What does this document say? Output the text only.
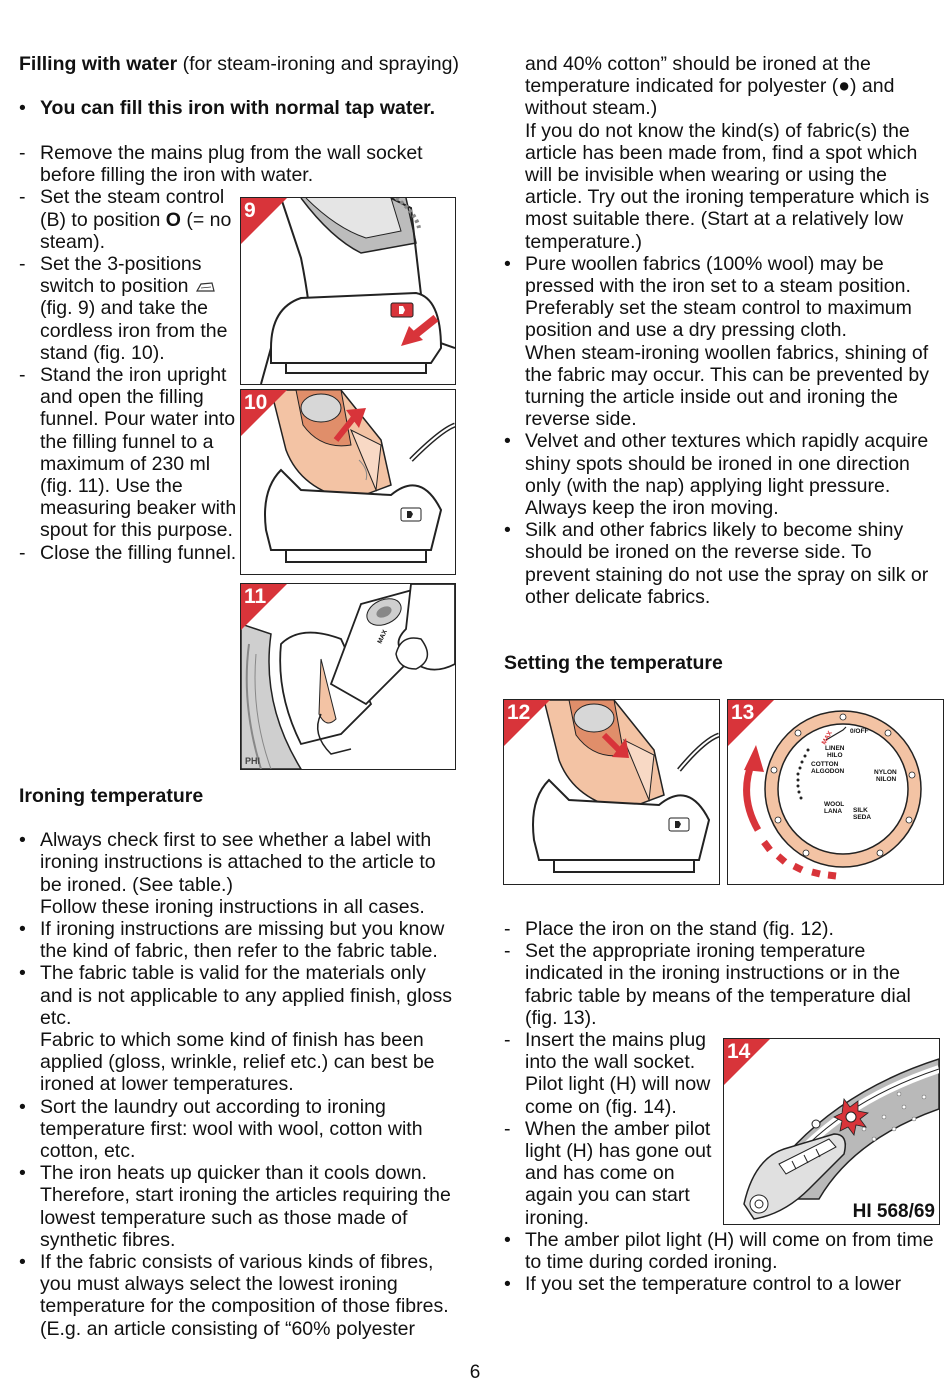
Filling with water (for steam-ironing and spraying)
• You can fill this iron with normal tap water.
- Remove the mains plug from the wall socket before filling the iron with water.
- Set the steam control (B) to position O (= no steam).
- Set the 3-positions switch to position  (fig. 9) and take the cordless iron from the stand (fig. 10).
- Stand the iron upright and open the filling funnel. Pour water into the filling funnel to a maximum of 230 ml (fig. 11). Use the measuring beaker with spout for this purpose.
- Close the filling funnel.
Ironing temperature
• Always check first to see whether a label with ironing instructions is attached to the article to be ironed. (See table.)
Follow these ironing instructions in all cases.
• If ironing instructions are missing but you know the kind of fabric, then refer to the fabric table.
• The fabric table is valid for the materials only and is not applicable to any applied finish, gloss etc.
Fabric to which some kind of finish has been applied (gloss, wrinkle, relief etc.) can best be ironed at lower temperatures.
• Sort the laundry out according to ironing temperature first: wool with wool, cotton with cotton, etc.
• The iron heats up quicker than it cools down. Therefore, start ironing the articles requiring the lowest temperature such as those made of synthetic fibres.
• If the fabric consists of various kinds of fibres, you must always select the lowest ironing temperature for the composition of those fibres. (E.g. an article consisting of “60% polyester
and 40% cotton” should be ironed at the temperature indicated for polyester (●) and without steam.)
If you do not know the kind(s) of fabric(s) the article has been made from, find a spot which will be invisible when wearing or using the article. Try out the ironing temperature which is most suitable there. (Start at a relatively low temperature.)
• Pure woollen fabrics (100% wool) may be pressed with the iron set to a steam position. Preferably set the steam control to maximum position and use a dry pressing cloth.
When steam-ironing woollen fabrics, shining of the fabric may occur. This can be prevented by turning the article inside out and ironing the reverse side.
• Velvet and other textures which rapidly acquire shiny spots should be ironed in one direction only (with the nap) applying light pressure. Always keep the iron moving.
• Silk and other fabrics likely to become shiny should be ironed on the reverse side. To prevent staining do not use the spray on silk or other delicate fabrics.
Setting the temperature
- Place the iron on the stand (fig. 12).
- Set the appropriate ironing temperature indicated in the ironing instructions or in the fabric table by means of the temperature dial (fig. 13).
- Insert the mains plug into the wall socket. Pilot light (H) will now come on (fig. 14).
- When the amber pilot light (H) has gone out and has come on again you can start ironing.
• The amber pilot light (H) will come on from time to time during corded ironing.
• If you set the temperature control to a lower
9
10
MAX
PHI
11
12
MAX 0/OFF
LINEN
HILO
COTTON
ALGODON	NYLON
NILON
WOOL
LANA SILK
SEDA
13
14
HI 568/69
6
